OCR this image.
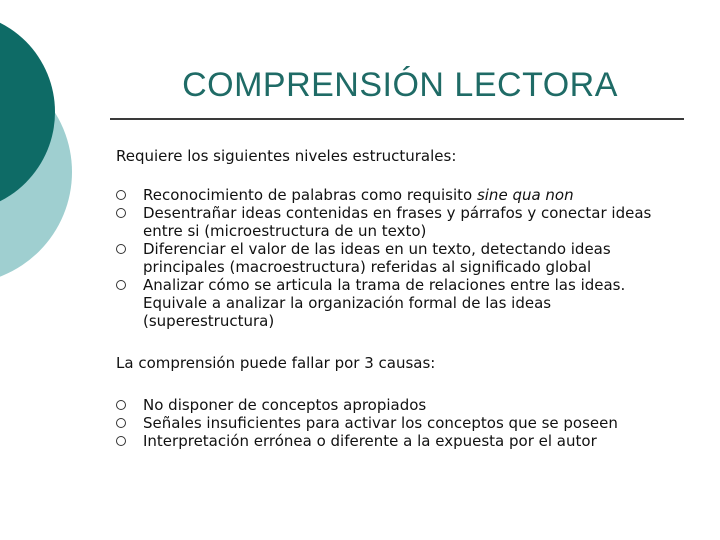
COMPRENSIÓN LECTORA
Requiere los siguientes niveles estructurales:
Reconocimiento de palabras como requisito sine qua non
Desentrañar ideas contenidas en frases y párrafos y conectar ideas entre si (microestructura de un texto)
Diferenciar el valor de las ideas en un texto, detectando ideas principales (macroestructura) referidas al significado global
Analizar cómo se articula la trama de relaciones entre las ideas. Equivale a analizar la organización formal de las ideas (superestructura)
La comprensión puede fallar por 3 causas:
No disponer de conceptos apropiados
Señales insuficientes para activar los conceptos que se poseen
Interpretación errónea o diferente a la expuesta por el autor
